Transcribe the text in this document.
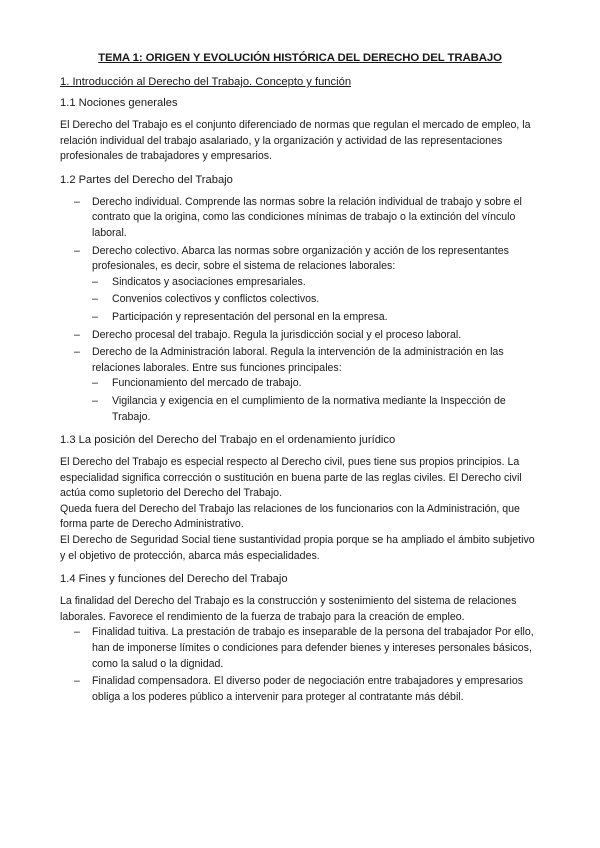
TEMA 1: ORIGEN Y EVOLUCIÓN HISTÓRICA DEL DERECHO DEL TRABAJO
1. Introducción al Derecho del Trabajo. Concepto y función
1.1 Nociones generales

El Derecho del Trabajo es el conjunto diferenciado de normas que regulan el mercado de empleo, la relación individual del trabajo asalariado, y la organización y actividad de las representaciones profesionales de trabajadores y empresarios.

1.2 Partes del Derecho del Trabajo
– Derecho individual. Comprende las normas sobre la relación individual de trabajo y sobre el contrato que la origina, como las condiciones mínimas de trabajo o la extinción del vínculo laboral.
– Derecho colectivo. Abarca las normas sobre organización y acción de los representantes profesionales, es decir, sobre el sistema de relaciones laborales:
– Sindicatos y asociaciones empresariales.
– Convenios colectivos y conflictos colectivos.
– Participación y representación del personal en la empresa.
– Derecho procesal del trabajo. Regula la jurisdicción social y el proceso laboral.
– Derecho de la Administración laboral. Regula la intervención de la administración en las relaciones laborales. Entre sus funciones principales:
– Funcionamiento del mercado de trabajo.
– Vigilancia y exigencia en el cumplimiento de la normativa mediante la Inspección de Trabajo.
1.3 La posición del Derecho del Trabajo en el ordenamiento jurídico

El Derecho del Trabajo es especial respecto al Derecho civil, pues tiene sus propios principios. La especialidad significa corrección o sustitución en buena parte de las reglas civiles. El Derecho civil actúa como supletorio del Derecho del Trabajo.

Queda fuera del Derecho del Trabajo las relaciones de los funcionarios con la Administración, que forma parte de Derecho Administrativo.

El Derecho de Seguridad Social tiene sustantividad propia porque se ha ampliado el ámbito subjetivo y el objetivo de protección, abarca más especialidades.

1.4 Fines y funciones del Derecho del Trabajo

La finalidad del Derecho del Trabajo es la construcción y sostenimiento del sistema de relaciones laborales. Favorece el rendimiento de la fuerza de trabajo para la creación de empleo.

– Finalidad tuitiva. La prestación de trabajo es inseparable de la persona del trabajador Por ello, han de imponerse límites o condiciones para defender bienes y intereses personales básicos, como la salud o la dignidad.
– Finalidad compensadora. El diverso poder de negociación entre trabajadores y empresarios obliga a los poderes público a intervenir para proteger al contratante más débil.
